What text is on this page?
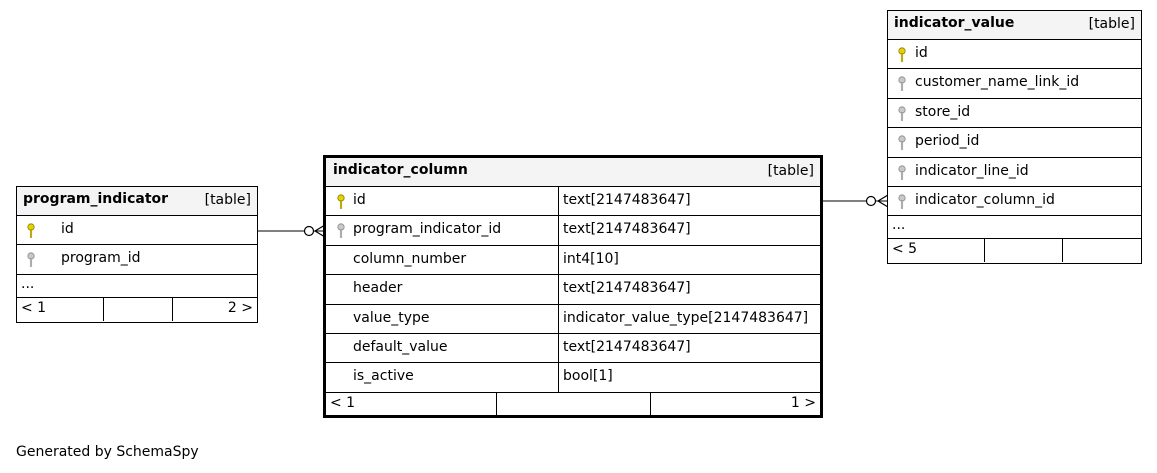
program_indicator	[table]
id
program_id
...
< 1	2 >
indicator_column	[table]
id	text[2147483647]
program_indicator_id	text[2147483647]
column_number	int4[10]
header	text[2147483647]
value_type	indicator_value_type[2147483647]
default_value	text[2147483647]
is_active	bool[1]
< 1	1 >
indicator_value	[table]
id
customer_name_link_id
store_id
period_id
indicator_line_id
indicator_column_id
...
< 5
Generated by SchemaSpy
